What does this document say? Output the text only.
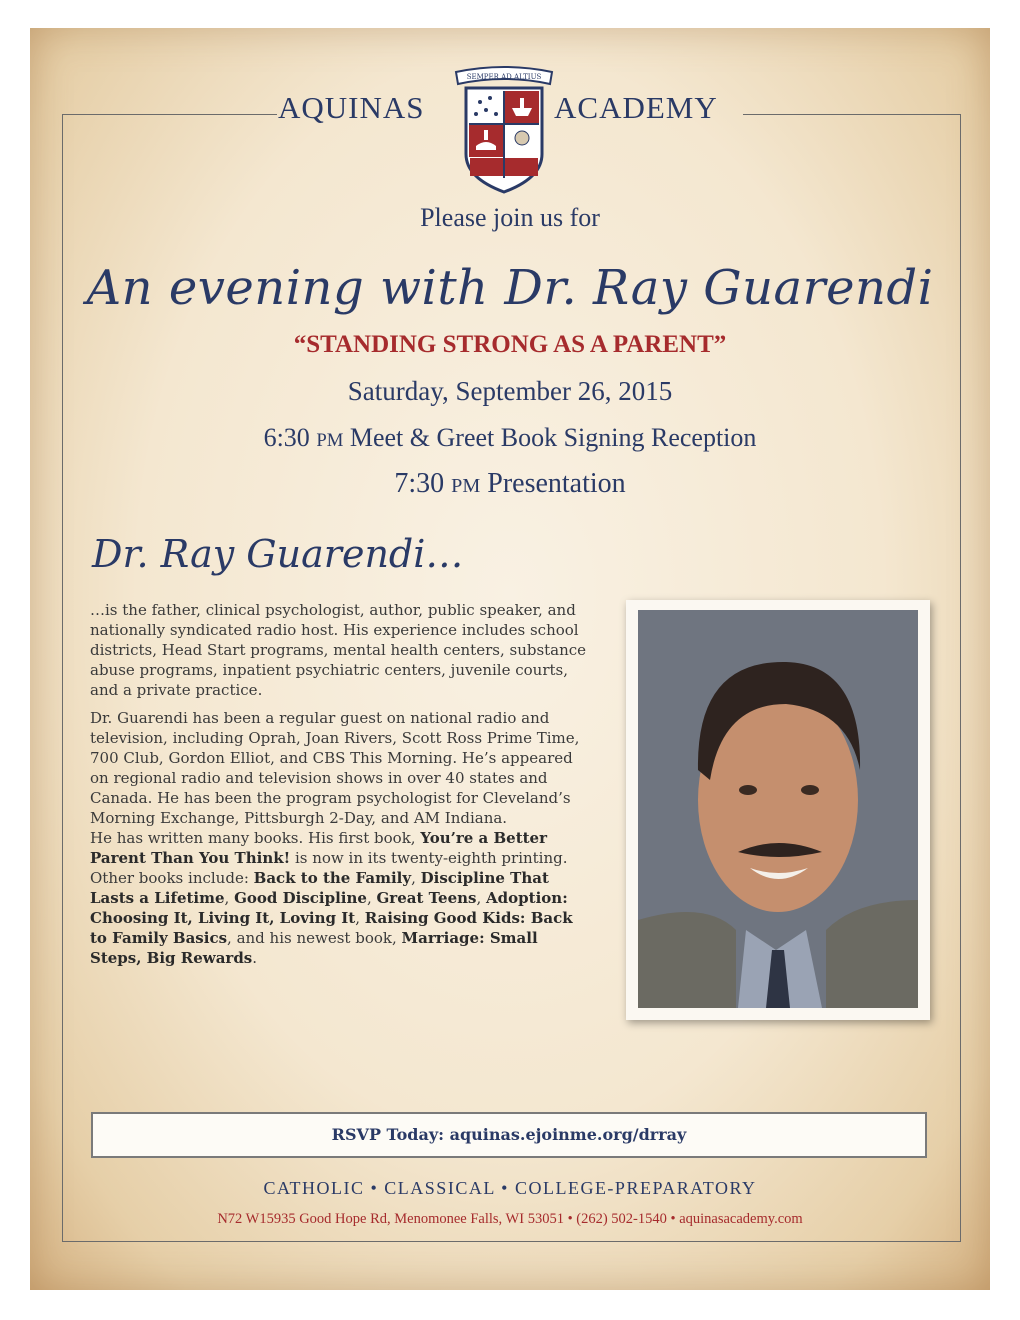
AQUINAS	ACADEMY
SEMPER AD ALTIUS
Please join us for
An evening with Dr. Ray Guarendi
“STANDING STRONG AS A PARENT”
Saturday, September 26, 2015
6:30 PM Meet & Greet Book Signing Reception
7:30 PM Presentation
Dr. Ray Guarendi…

…is the father, clinical psychologist, author, public speaker, and nationally syndicated radio host. His experience includes school districts, Head Start programs, mental health centers, substance abuse programs, inpatient psychiatric centers, juvenile courts, and a private practice.

Dr. Guarendi has been a regular guest on national radio and television, including Oprah, Joan Rivers, Scott Ross Prime Time, 700 Club, Gordon Elliot, and CBS This Morning. He’s appeared on regional radio and television shows in over 40 states and Canada. He has been the program psychologist for Cleveland’s Morning Exchange, Pittsburgh 2-Day, and AM Indiana.

He has written many books. His first book, You’re a Better Parent Than You Think! is now in its twenty-eighth printing. Other books include: Back to the Family, Discipline That Lasts a Lifetime, Good Discipline, Great Teens, Adoption: Choosing It, Living It, Loving It, Raising Good Kids: Back to Family Basics, and his newest book, Marriage: Small Steps, Big Rewards.

RSVP Today: aquinas.ejoinme.org/drray
CATHOLIC • CLASSICAL • COLLEGE-PREPARATORY
N72 W15935 Good Hope Rd, Menomonee Falls, WI 53051 • (262) 502-1540 • aquinasacademy.com
